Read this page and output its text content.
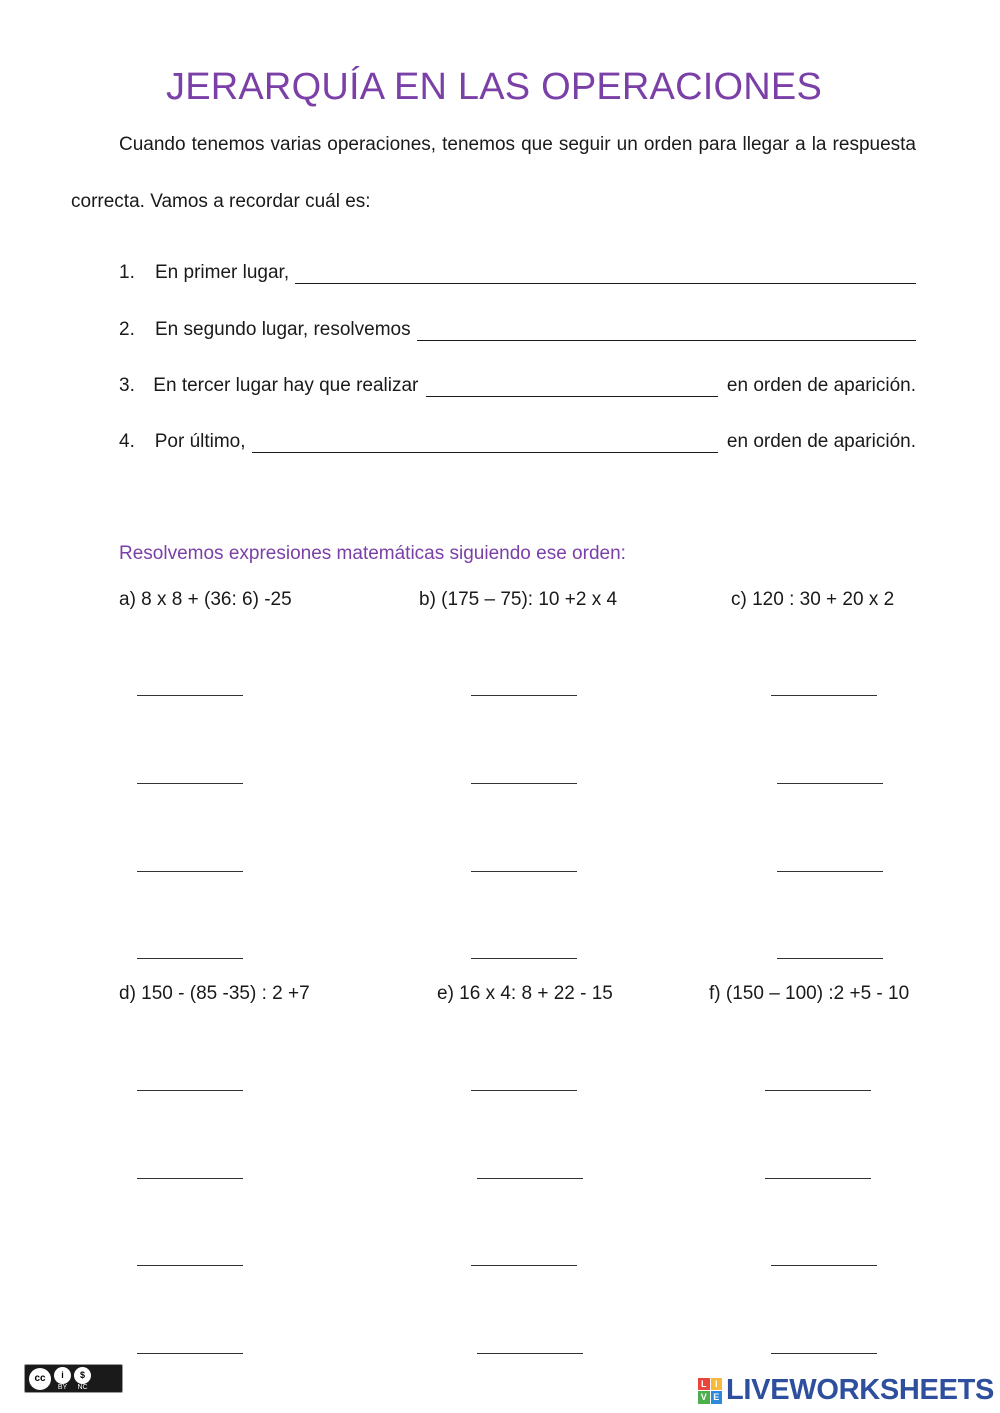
JERARQUÍA EN LAS OPERACIONES
Cuando tenemos varias operaciones, tenemos que seguir un orden para llegar a la respuesta
correcta. Vamos a recordar cuál es:
1.	En primer lugar,
2.	En segundo lugar, resolvemos
3. En tercer lugar hay que realizar	en orden de aparición.
4.	Por último,	en orden de aparición.
Resolvemos expresiones matemáticas siguiendo ese orden:
a) 8 x 8 + (36: 6) -25	b) (175 – 75): 10 +2 x 4	c) 120 : 30 + 20 x 2
d) 150 - (85 -35) : 2 +7	e) 16 x 4: 8 + 22 - 15	f) (150 – 100) :2 +5 - 10
cc	i
BY
$
NC	L I
V E LIVEWORKSHEETS
